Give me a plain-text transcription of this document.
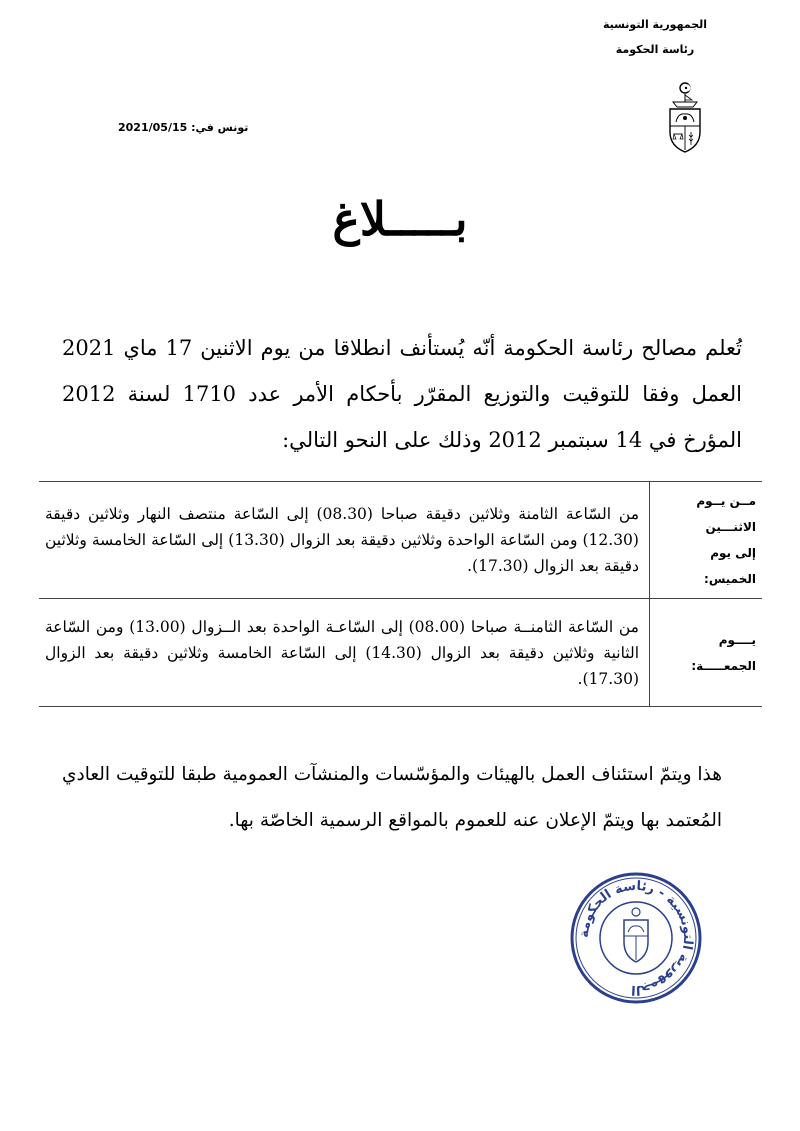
الجمهورية التونسية
رئاسة الحكومة
تونس في: 2021/05/15
بـــــلاغ
تُعلم مصالح رئاسة الحكومة أنّه يُستأنف انطلاقا من يوم الاثنين 17 ماي 2021 العمل وفقا للتوقيت والتوزيع المقرّر بأحكام الأمر عدد 1710 لسنة 2012 المؤرخ في 14 سبتمبر 2012 وذلك على النحو التالي:
مــن يــوم الاثنـــين
إلى يوم الخميس:	من السّاعة الثامنة وثلاثين دقيقة صباحا (08.30) إلى السّاعة منتصف النهار وثلاثين دقيقة (12.30) ومن السّاعة الواحدة وثلاثين دقيقة بعد الزوال (13.30) إلى السّاعة الخامسة وثلاثين دقيقة بعد الزوال (17.30).

يــــوم الجمعـــــة:	من السّاعة الثامنــة صباحا (08.00) إلى السّاعـة الواحدة بعد الــزوال (13.00) ومن السّاعة الثانية وثلاثين دقيقة بعد الزوال (14.30) إلى السّاعة الخامسة وثلاثين دقيقة بعد الزوال (17.30).
هذا ويتمّ استئناف العمل بالهيئات والمؤسّسات والمنشآت العمومية طبقا للتوقيت العادي المُعتمد بها ويتمّ الإعلان عنه للعموم بالمواقع الرسمية الخاصّة بها.
الجمهورية التونسية - رئاسة الحكومة
